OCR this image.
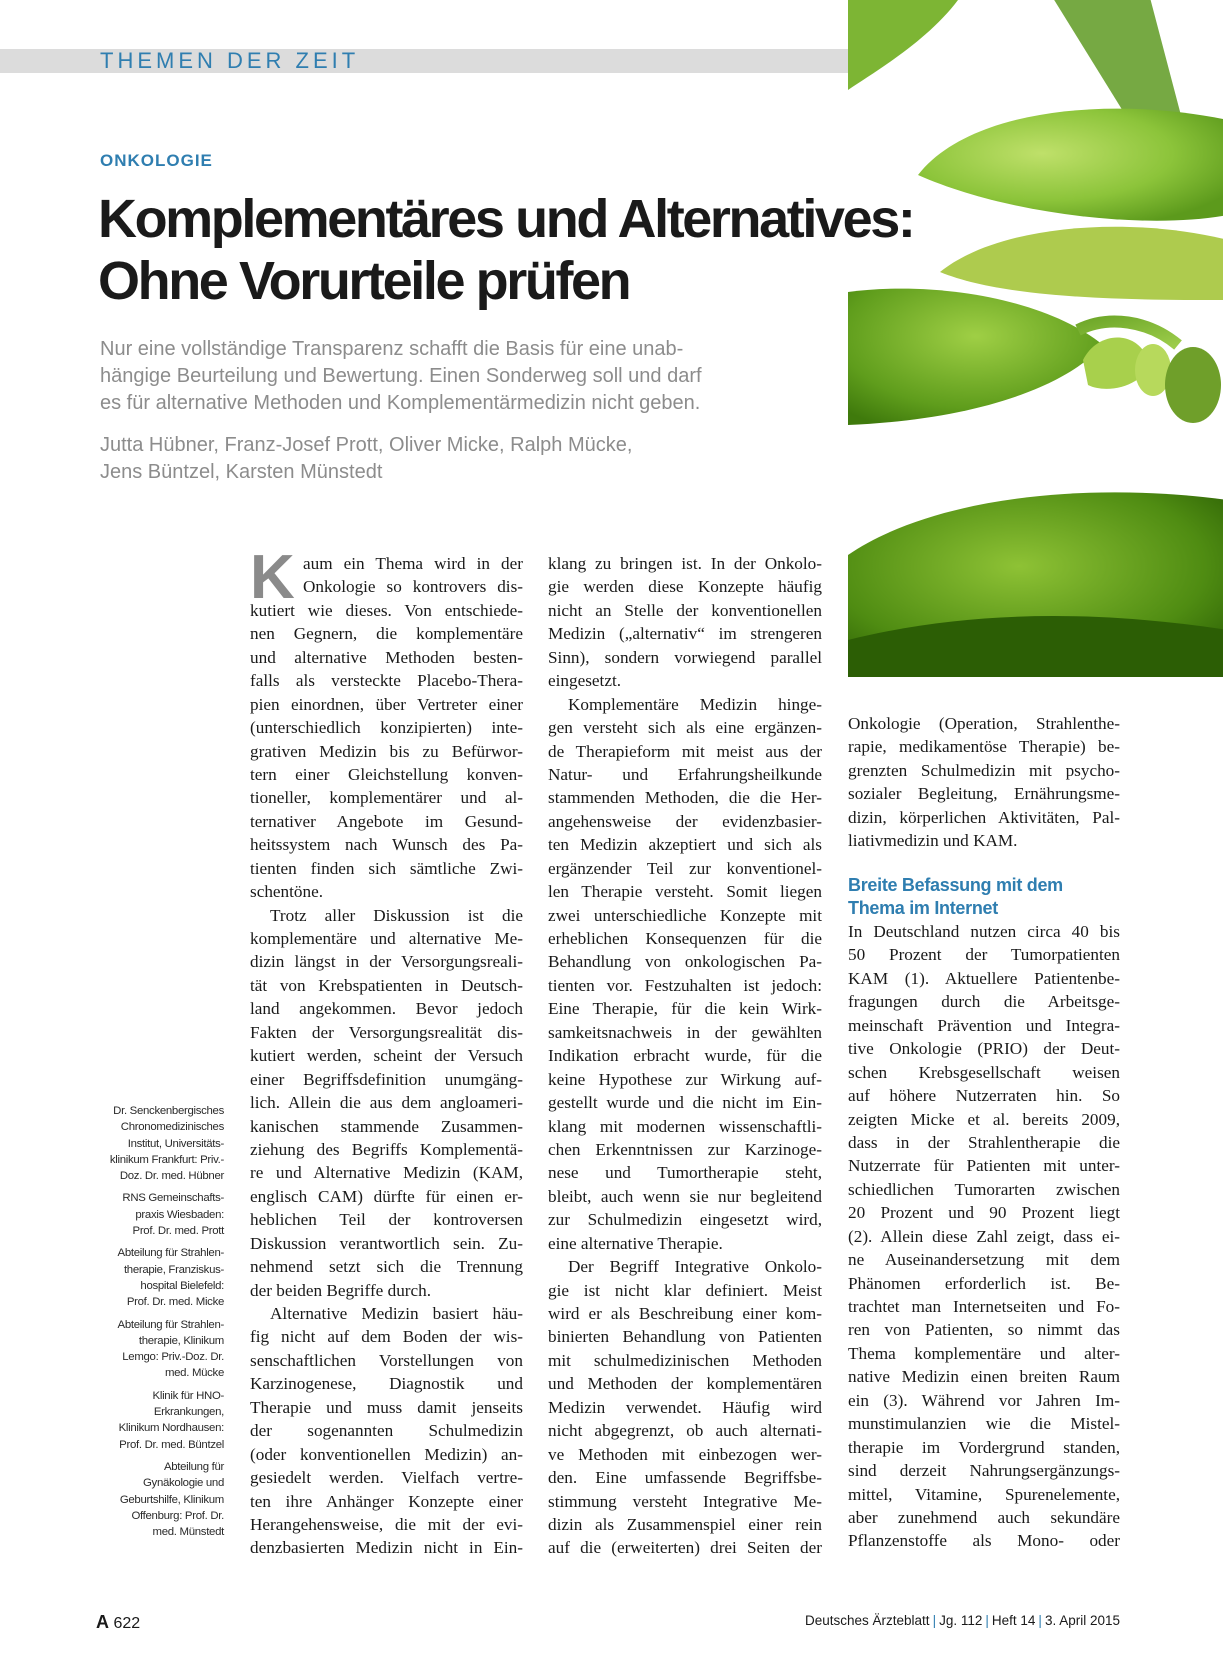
THEMEN DER ZEIT
ONKOLOGIE
Komplementäres und Alternatives:
Ohne Vorurteile prüfen
Nur eine vollständige Transparenz schafft die Basis für eine unab-
hängige Beurteilung und Bewertung. Einen Sonderweg soll und darf
es für alternative Methoden und Komplementärmedizin nicht geben.
Jutta Hübner, Franz-Josef Prott, Oliver Micke, Ralph Mücke,
Jens Büntzel, Karsten Münstedt
K aum ein Thema wird in der
Onkologie so kontrovers dis-
kutiert wie dieses. Von entschiede-
nen Gegnern, die komplementäre
und alternative Methoden besten-
falls als versteckte Placebo-Thera-
pien einordnen, über Vertreter einer
(unterschiedlich konzipierten) inte-
grativen Medizin bis zu Befürwor-
tern einer Gleichstellung konven-
tioneller, komplementärer und al-
ternativer Angebote im Gesund-
heitssystem nach Wunsch des Pa-
tienten finden sich sämtliche Zwi-
schentöne.
Trotz aller Diskussion ist die
komplementäre und alternative Me-
dizin längst in der Versorgungsreali-
tät von Krebspatienten in Deutsch-
land angekommen. Bevor jedoch
Fakten der Versorgungsrealität dis-
kutiert werden, scheint der Versuch
einer Begriffsdefinition unumgäng-
lich. Allein die aus dem angloameri-
kanischen stammende Zusammen-
ziehung des Begriffs Komplementä-
re und Alternative Medizin (KAM,
englisch CAM) dürfte für einen er-
heblichen Teil der kontroversen
Diskussion verantwortlich sein. Zu-
nehmend setzt sich die Trennung
der beiden Begriffe durch.
Alternative Medizin basiert häu-
fig nicht auf dem Boden der wis-
senschaftlichen Vorstellungen von
Karzinogenese, Diagnostik und
Therapie und muss damit jenseits
der sogenannten Schulmedizin
(oder konventionellen Medizin) an-
gesiedelt werden. Vielfach vertre-
ten ihre Anhänger Konzepte einer
Herangehensweise, die mit der evi-
denzbasierten Medizin nicht in Ein-
klang zu bringen ist. In der Onkolo-
gie werden diese Konzepte häufig
nicht an Stelle der konventionellen
Medizin („alternativ“ im strengeren
Sinn), sondern vorwiegend parallel
eingesetzt.
Komplementäre Medizin hinge-
gen versteht sich als eine ergänzen-
de Therapieform mit meist aus der
Natur- und Erfahrungsheilkunde
stammenden Methoden, die die Her-
angehensweise der evidenzbasier-
ten Medizin akzeptiert und sich als
ergänzender Teil zur konventionel-
len Therapie versteht. Somit liegen
zwei unterschiedliche Konzepte mit
erheblichen Konsequenzen für die
Behandlung von onkologischen Pa-
tienten vor. Festzuhalten ist jedoch:
Eine Therapie, für die kein Wirk-
samkeitsnachweis in der gewählten
Indikation erbracht wurde, für die
keine Hypothese zur Wirkung auf-
gestellt wurde und die nicht im Ein-
klang mit modernen wissenschaftli-
chen Erkenntnissen zur Karzinoge-
nese und Tumortherapie steht,
bleibt, auch wenn sie nur begleitend
zur Schulmedizin eingesetzt wird,
eine alternative Therapie.
Der Begriff Integrative Onkolo-
gie ist nicht klar definiert. Meist
wird er als Beschreibung einer kom-
binierten Behandlung von Patienten
mit schulmedizinischen Methoden
und Methoden der komplementären
Medizin verwendet. Häufig wird
nicht abgegrenzt, ob auch alternati-
ve Methoden mit einbezogen wer-
den. Eine umfassende Begriffsbe-
stimmung versteht Integrative Me-
dizin als Zusammenspiel einer rein
auf die (erweiterten) drei Seiten der
Onkologie (Operation, Strahlenthe-
rapie, medikamentöse Therapie) be-
grenzten Schulmedizin mit psycho-
sozialer Begleitung, Ernährungsme-
dizin, körperlichen Aktivitäten, Pal-
liativmedizin und KAM.
Breite Befassung mit dem
Thema im Internet
In Deutschland nutzen circa 40 bis
50 Prozent der Tumorpatienten
KAM (1). Aktuellere Patientenbe-
fragungen durch die Arbeitsge-
meinschaft Prävention und Integra-
tive Onkologie (PRIO) der Deut-
schen Krebsgesellschaft weisen
auf höhere Nutzerraten hin. So
zeigten Micke et al. bereits 2009,
dass in der Strahlentherapie die
Nutzerrate für Patienten mit unter-
schiedlichen Tumorarten zwischen
20 Prozent und 90 Prozent liegt
(2). Allein diese Zahl zeigt, dass ei-
ne Auseinandersetzung mit dem
Phänomen erforderlich ist. Be-
trachtet man Internetseiten und Fo-
ren von Patienten, so nimmt das
Thema komplementäre und alter-
native Medizin einen breiten Raum
ein (3). Während vor Jahren Im-
munstimulanzien wie die Mistel-
therapie im Vordergrund standen,
sind derzeit Nahrungsergänzungs-
mittel, Vitamine, Spurenelemente,
aber zunehmend auch sekundäre
Pflanzenstoffe als Mono- oder
Dr. Senckenbergisches
Chronomedizinisches
Institut, Universitäts-
klinikum Frankfurt: Priv.-
Doz. Dr. med. Hübner
RNS Gemeinschafts-
praxis Wiesbaden:
Prof. Dr. med. Prott
Abteilung für Strahlen-
therapie, Franziskus-
hospital Bielefeld:
Prof. Dr. med. Micke
Abteilung für Strahlen-
therapie, Klinikum
Lemgo: Priv.-Doz. Dr.
med. Mücke
Klinik für HNO-
Erkrankungen,
Klinikum Nordhausen:
Prof. Dr. med. Büntzel
Abteilung für
Gynäkologie und
Geburtshilfe, Klinikum
Offenburg: Prof. Dr.
med. Münstedt
A 622	Deutsches Ärzteblatt | Jg. 112 | Heft 14 | 3. April 2015
